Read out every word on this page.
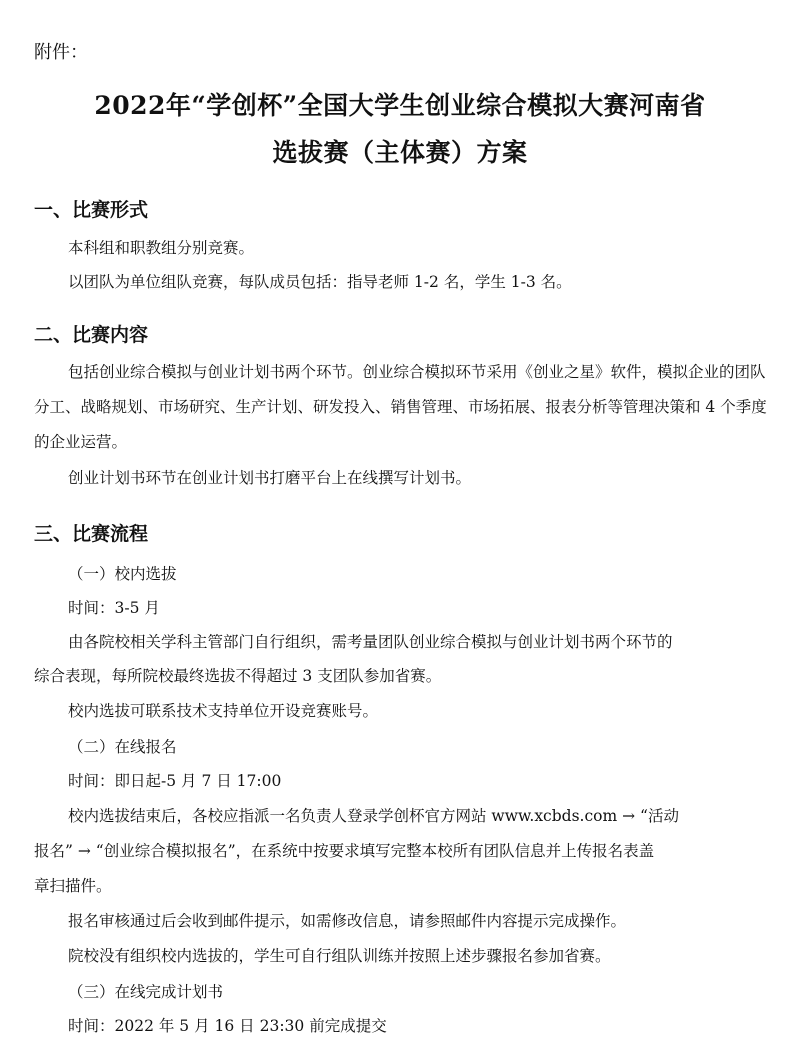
附件：
2022年“学创杯”全国大学生创业综合模拟大赛河南省
选拔赛（主体赛）方案
一、比赛形式
本科组和职教组分别竞赛。
以团队为单位组队竞赛，每队成员包括：指导老师 1-2 名，学生 1-3 名。
二、比赛内容
包括创业综合模拟与创业计划书两个环节。创业综合模拟环节采用《创业之星》软件，模拟企业的团队分工、战略规划、市场研究、生产计划、研发投入、销售管理、市场拓展、报表分析等管理决策和 4 个季度的企业运营。
创业计划书环节在创业计划书打磨平台上在线撰写计划书。
三、比赛流程
（一）校内选拔
时间：3-5 月
由各院校相关学科主管部门自行组织，需考量团队创业综合模拟与创业计划书两个环节的
综合表现，每所院校最终选拔不得超过 3 支团队参加省赛。
校内选拔可联系技术支持单位开设竞赛账号。
（二）在线报名
时间：即日起-5 月 7 日 17:00
校内选拔结束后，各校应指派一名负责人登录学创杯官方网站 www.xcbds.com → “活动
报名” → “创业综合模拟报名”，在系统中按要求填写完整本校所有团队信息并上传报名表盖
章扫描件。
报名审核通过后会收到邮件提示，如需修改信息，请参照邮件内容提示完成操作。
院校没有组织校内选拔的，学生可自行组队训练并按照上述步骤报名参加省赛。
（三）在线完成计划书
时间：2022 年 5 月 16 日 23:30 前完成提交
